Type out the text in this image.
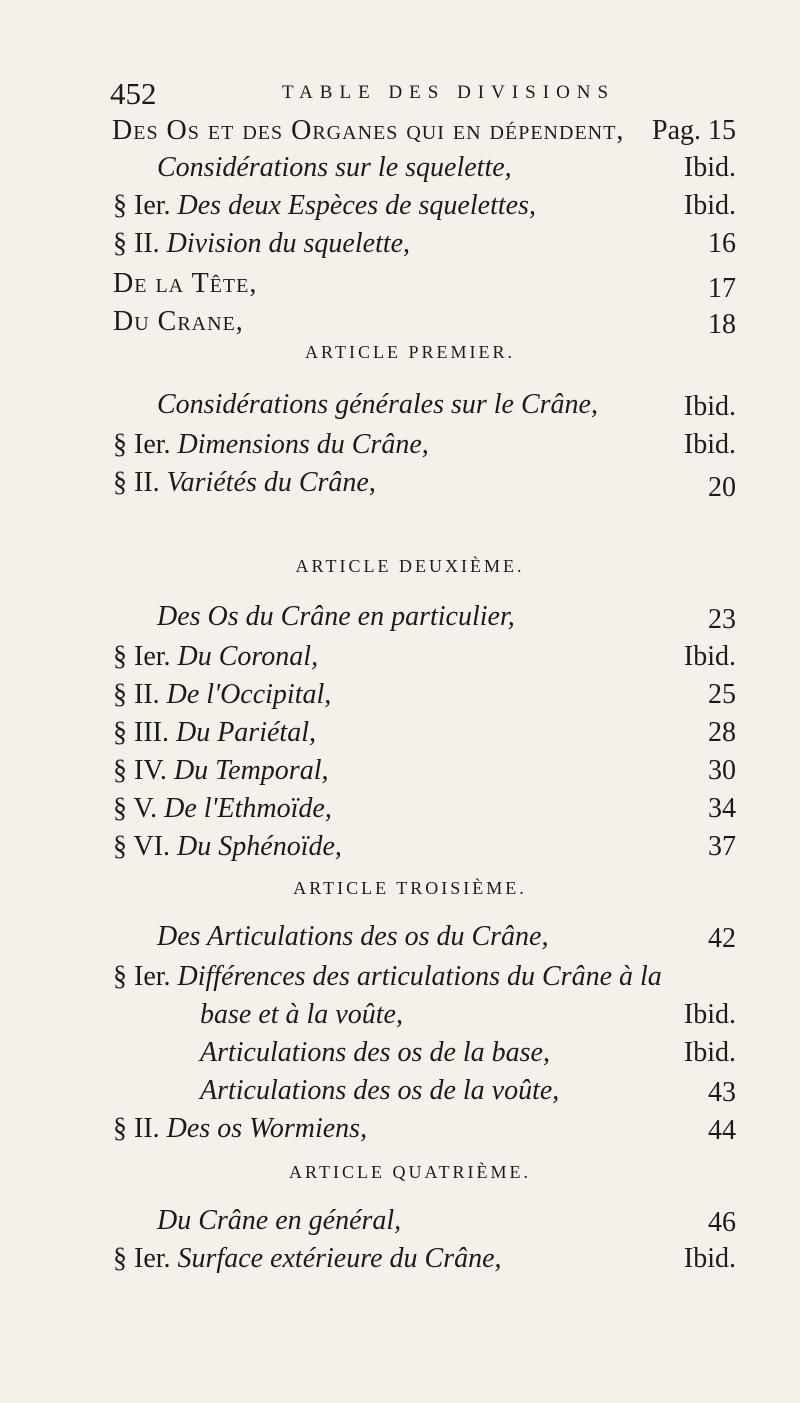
452	TABLE DES DIVISIONS
Des Os et des Organes qui en dépendent, Pag. 15
Considérations sur le squelette,	Ibid.
§ Ier. Des deux Espèces de squelettes,	Ibid.
§ II. Division du squelette,	16
De la Tête,	17
Du Crane,	18
ARTICLE PREMIER.
Considérations générales sur le Crâne,	Ibid.
§ Ier. Dimensions du Crâne,	Ibid.
§ II. Variétés du Crâne,	20
ARTICLE DEUXIÈME.
Des Os du Crâne en particulier,	23
§ Ier. Du Coronal,	Ibid.
§ II. De l'Occipital,	25
§ III. Du Pariétal,	28
§ IV. Du Temporal,	30
§ V. De l'Ethmoïde,	34
§ VI. Du Sphénoïde,	37
ARTICLE TROISIÈME.
Des Articulations des os du Crâne,	42
§ Ier. Différences des articulations du Crâne à la
base et à la voûte,	Ibid.
Articulations des os de la base,	Ibid.
Articulations des os de la voûte,	43
§ II. Des os Wormiens,	44
ARTICLE QUATRIÈME.
Du Crâne en général,	46
§ Ier. Surface extérieure du Crâne,	Ibid.
